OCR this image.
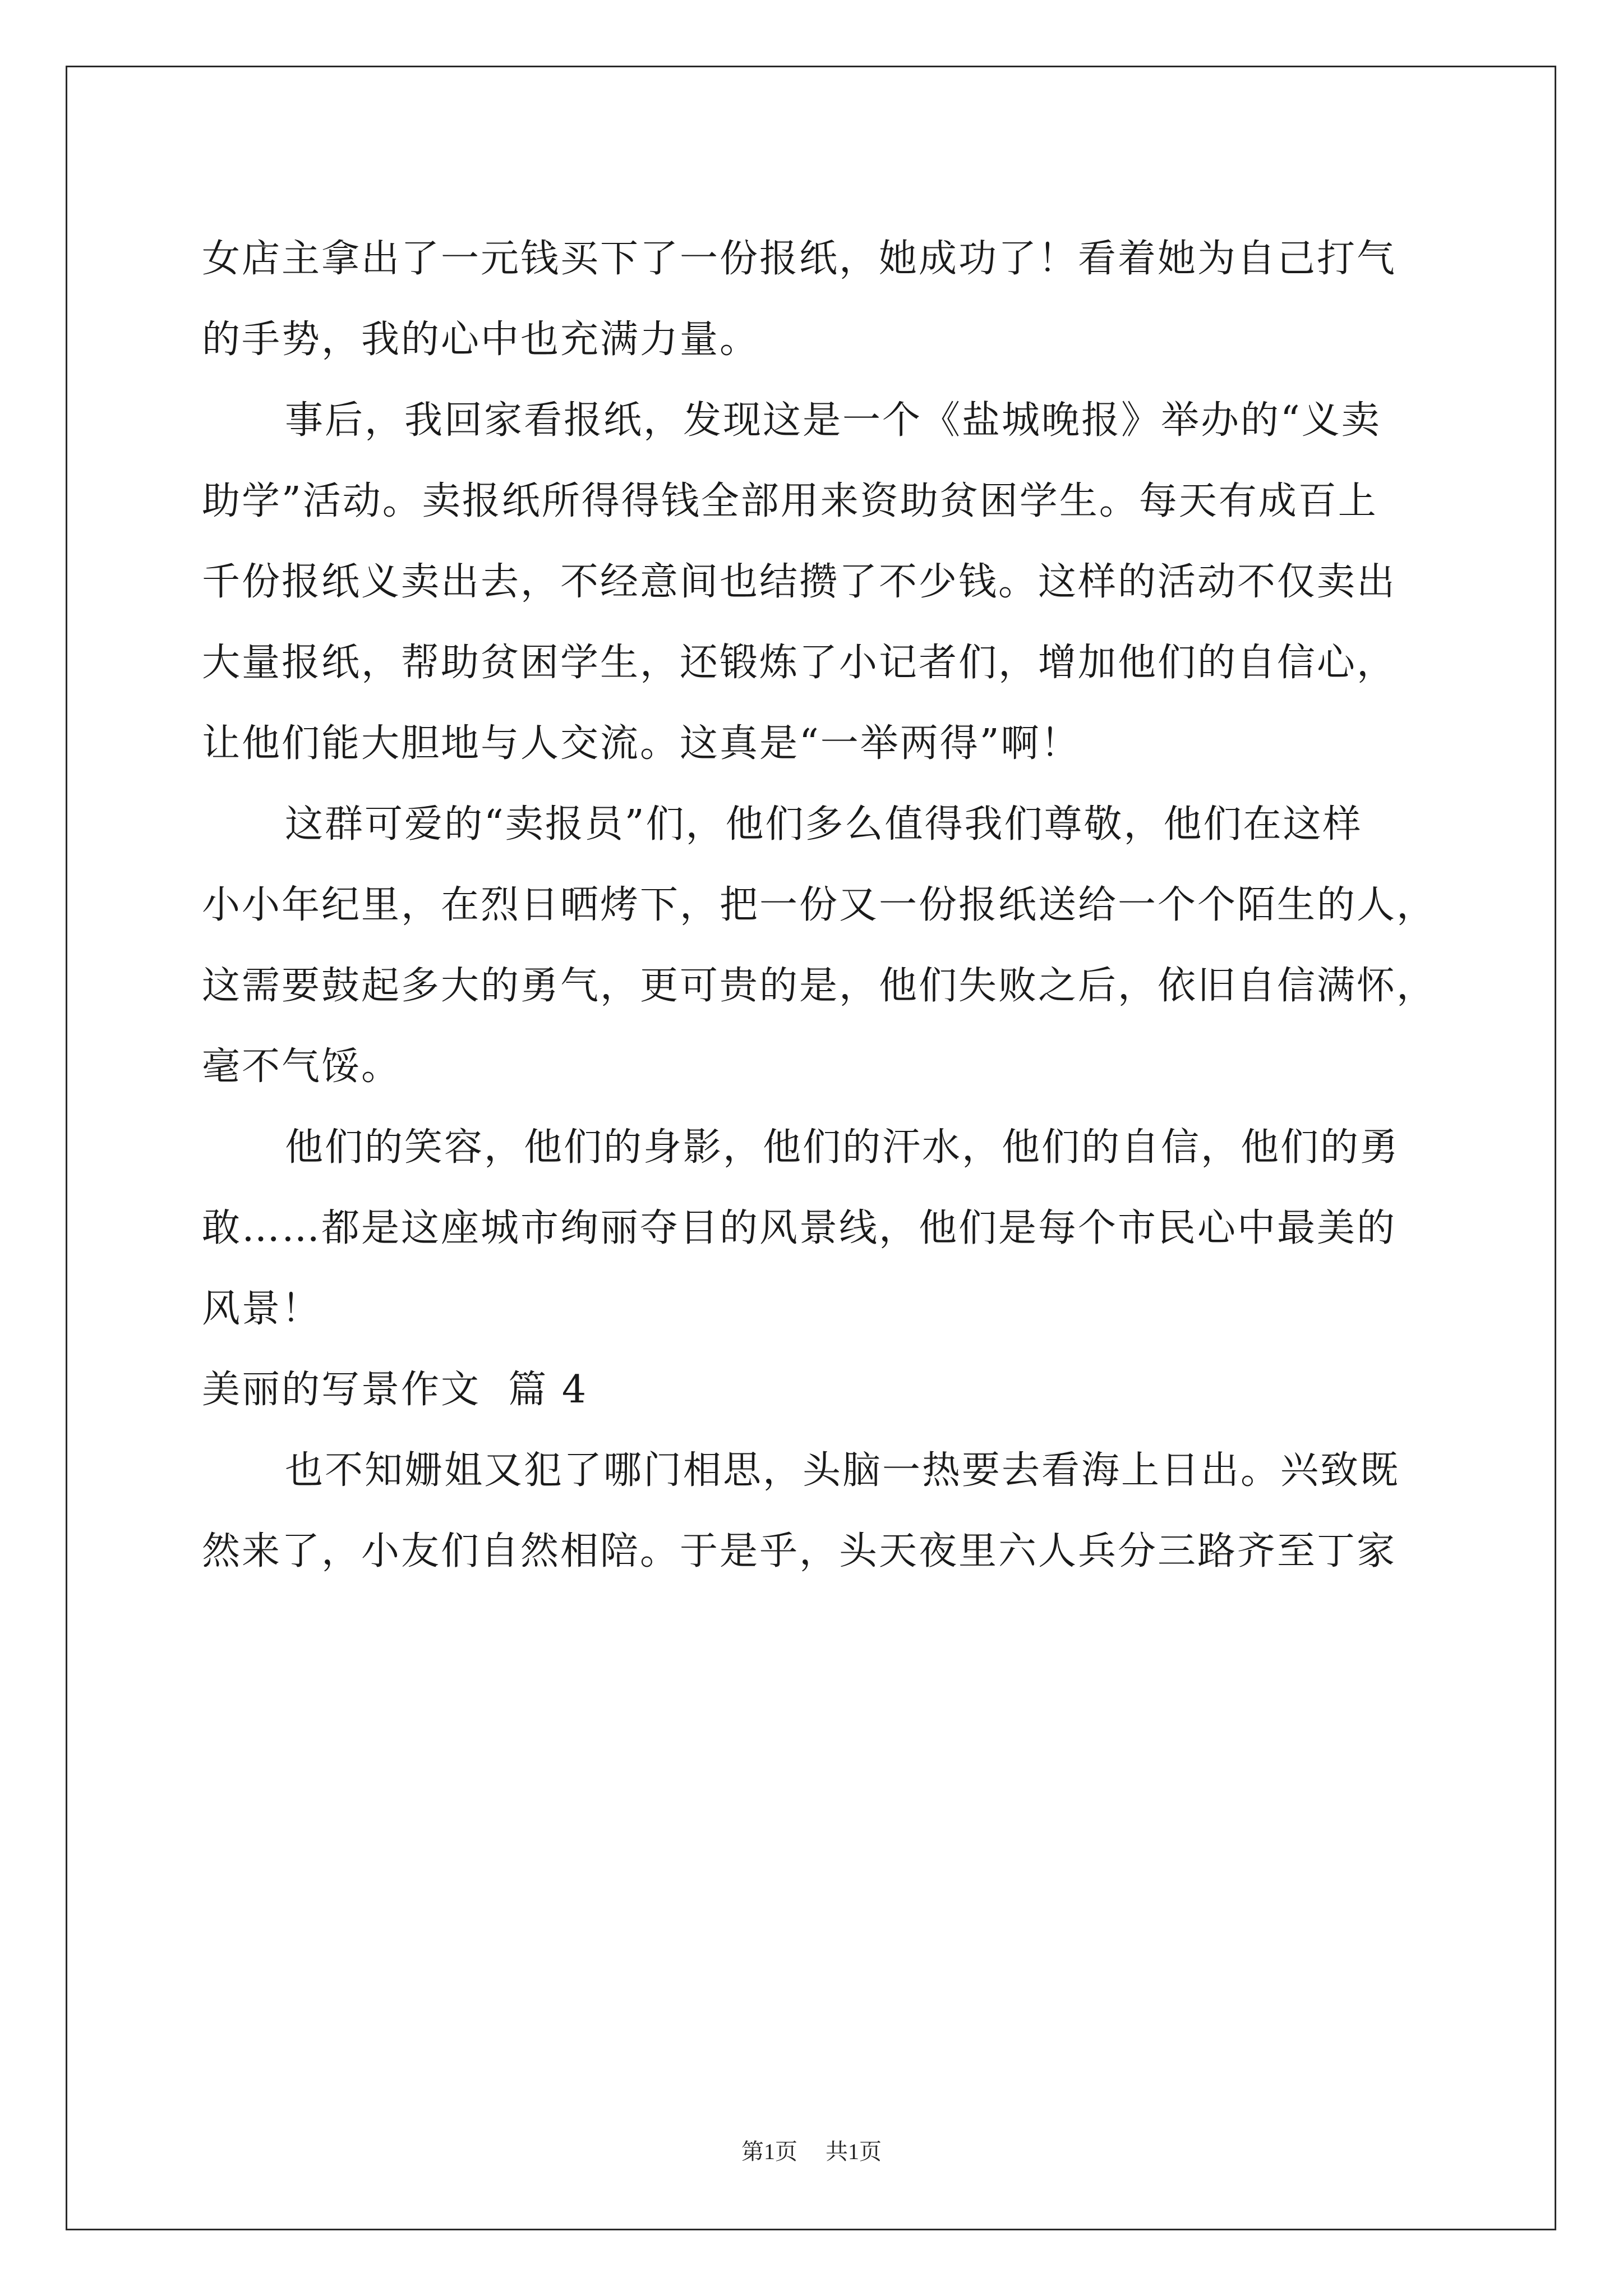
女店主拿出了一元钱买下了一份报纸，她成功了！看着她为自己打气

的手势，我的心中也充满力量。

事后，我回家看报纸，发现这是一个《盐城晚报》举办的“义卖

助学”活动。卖报纸所得得钱全部用来资助贫困学生。每天有成百上

千份报纸义卖出去，不经意间也结攒了不少钱。这样的活动不仅卖出

大量报纸，帮助贫困学生，还锻炼了小记者们，增加他们的自信心，

让他们能大胆地与人交流。这真是“一举两得”啊！

这群可爱的“卖报员”们，他们多么值得我们尊敬，他们在这样

小小年纪里，在烈日晒烤下，把一份又一份报纸送给一个个陌生的人，

这需要鼓起多大的勇气，更可贵的是，他们失败之后，依旧自信满怀，

毫不气馁。

他们的笑容，他们的身影，他们的汗水，他们的自信，他们的勇

敢……都是这座城市绚丽夺目的风景线，他们是每个市民心中最美的

风景！

美丽的写景作文  篇 4

也不知姗姐又犯了哪门相思，头脑一热要去看海上日出。兴致既

然来了，小友们自然相陪。于是乎，头天夜里六人兵分三路齐至丁家

第1页 共1页
